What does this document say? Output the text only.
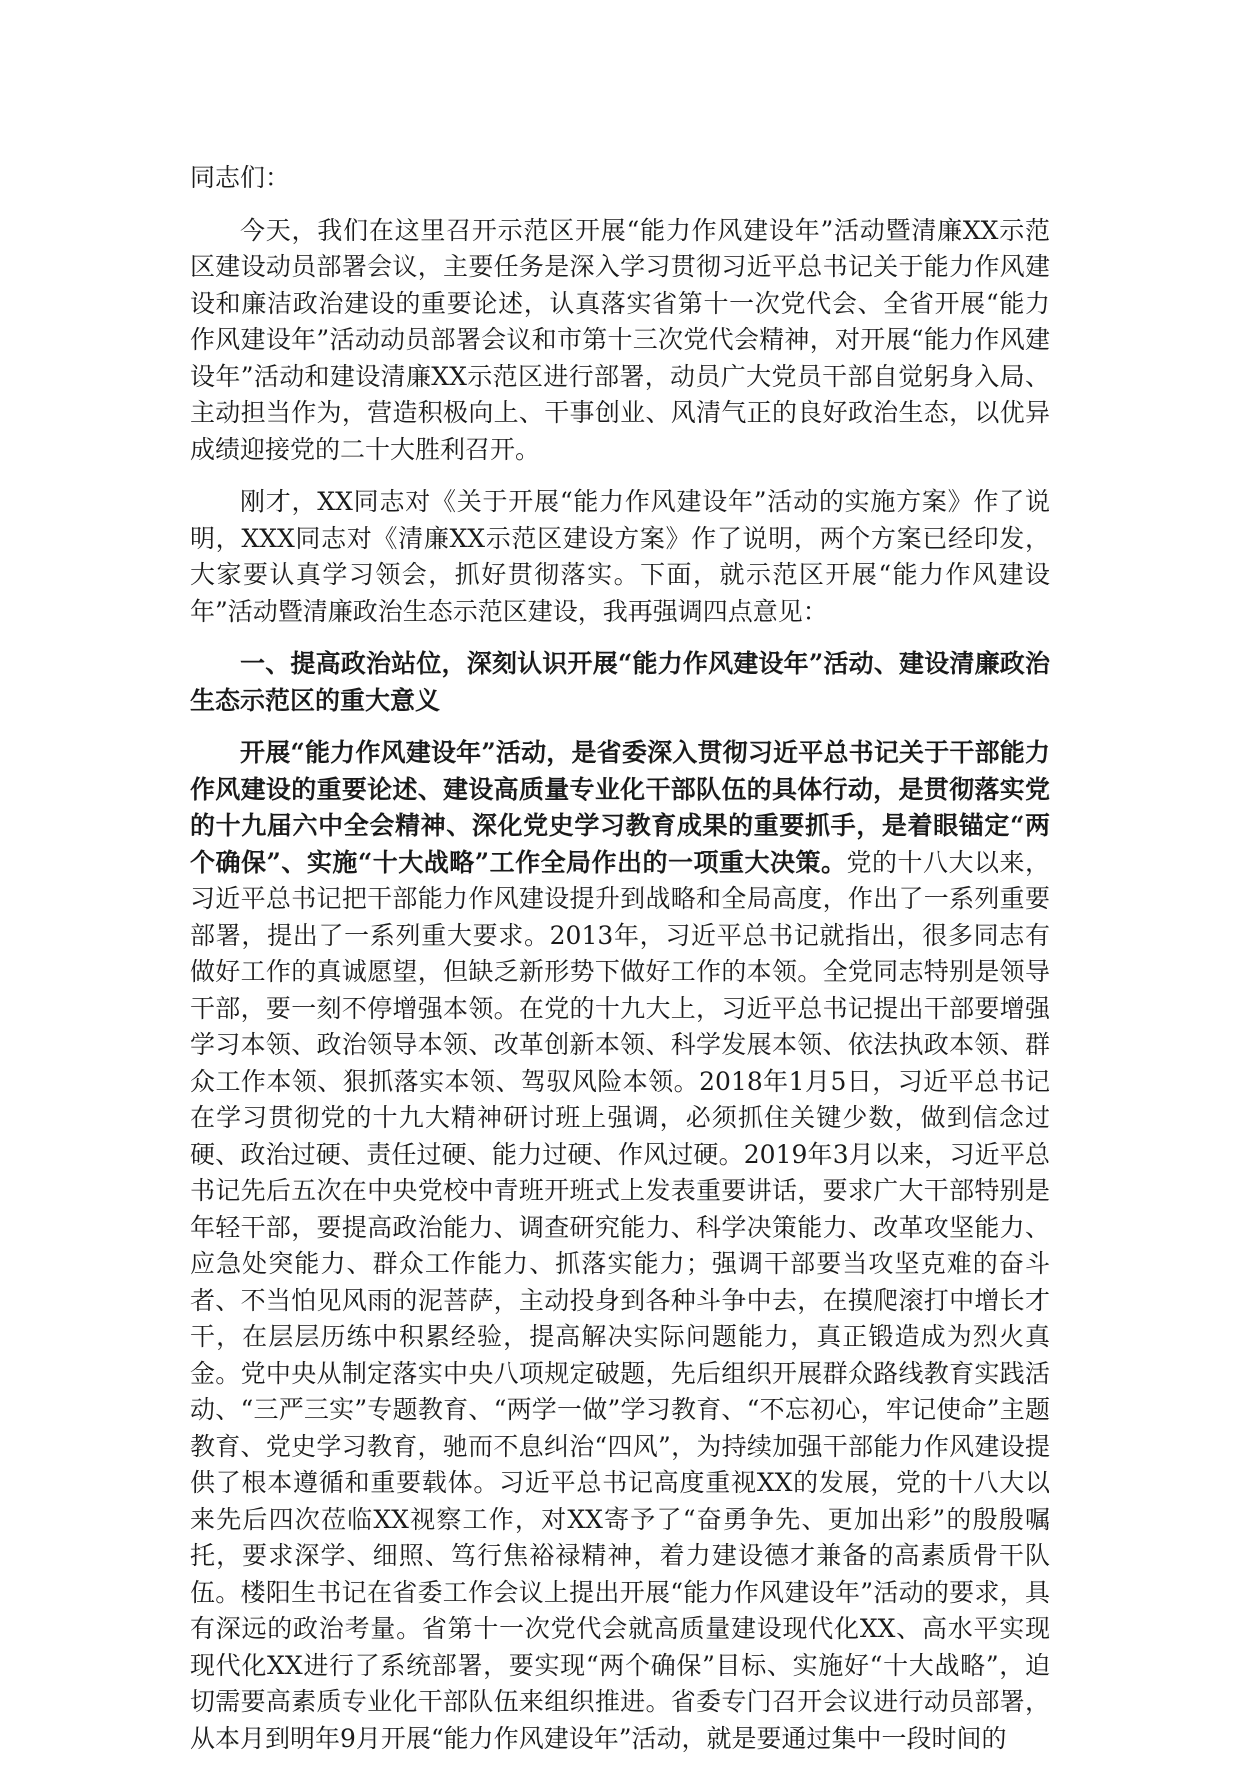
同志们：

今天，我们在这里召开示范区开展“能力作风建设年”活动暨清廉XX示范区建设动员部署会议，主要任务是深入学习贯彻习近平总书记关于能力作风建设和廉洁政治建设的重要论述，认真落实省第十一次党代会、全省开展“能力作风建设年”活动动员部署会议和市第十三次党代会精神，对开展“能力作风建设年”活动和建设清廉XX示范区进行部署，动员广大党员干部自觉躬身入局、主动担当作为，营造积极向上、干事创业、风清气正的良好政治生态，以优异成绩迎接党的二十大胜利召开。

刚才，XX同志对《关于开展“能力作风建设年”活动的实施方案》作了说明，XXX同志对《清廉XX示范区建设方案》作了说明，两个方案已经印发，大家要认真学习领会，抓好贯彻落实。下面，就示范区开展“能力作风建设年”活动暨清廉政治生态示范区建设，我再强调四点意见：

一、提高政治站位，深刻认识开展“能力作风建设年”活动、建设清廉政治生态示范区的重大意义

开展“能力作风建设年”活动，是省委深入贯彻习近平总书记关于干部能力作风建设的重要论述、建设高质量专业化干部队伍的具体行动，是贯彻落实党的十九届六中全会精神、深化党史学习教育成果的重要抓手，是着眼锚定“两个确保”、实施“十大战略”工作全局作出的一项重大决策。党的十八大以来，习近平总书记把干部能力作风建设提升到战略和全局高度，作出了一系列重要部署，提出了一系列重大要求。2013年，习近平总书记就指出，很多同志有做好工作的真诚愿望，但缺乏新形势下做好工作的本领。全党同志特别是领导干部，要一刻不停增强本领。在党的十九大上，习近平总书记提出干部要增强学习本领、政治领导本领、改革创新本领、科学发展本领、依法执政本领、群众工作本领、狠抓落实本领、驾驭风险本领。2018年1月5日，习近平总书记在学习贯彻党的十九大精神研讨班上强调，必须抓住关键少数，做到信念过硬、政治过硬、责任过硬、能力过硬、作风过硬。2019年3月以来，习近平总书记先后五次在中央党校中青班开班式上发表重要讲话，要求广大干部特别是年轻干部，要提高政治能力、调查研究能力、科学决策能力、改革攻坚能力、应急处突能力、群众工作能力、抓落实能力；强调干部要当攻坚克难的奋斗者、不当怕见风雨的泥菩萨，主动投身到各种斗争中去，在摸爬滚打中增长才干，在层层历练中积累经验，提高解决实际问题能力，真正锻造成为烈火真金。党中央从制定落实中央八项规定破题，先后组织开展群众路线教育实践活动、“三严三实”专题教育、“两学一做”学习教育、“不忘初心，牢记使命”主题教育、党史学习教育，驰而不息纠治“四风”，为持续加强干部能力作风建设提供了根本遵循和重要载体。习近平总书记高度重视XX的发展，党的十八大以来先后四次莅临XX视察工作，对XX寄予了“奋勇争先、更加出彩”的殷殷嘱托，要求深学、细照、笃行焦裕禄精神，着力建设德才兼备的高素质骨干队伍。楼阳生书记在省委工作会议上提出开展“能力作风建设年”活动的要求，具有深远的政治考量。省第十一次党代会就高质量建设现代化XX、高水平实现现代化XX进行了系统部署，要实现“两个确保”目标、实施好“十大战略”，迫切需要高素质专业化干部队伍来组织推进。省委专门召开会议进行动员部署，从本月到明年9月开展“能力作风建设年”活动，就是要通过集中一段时间的
